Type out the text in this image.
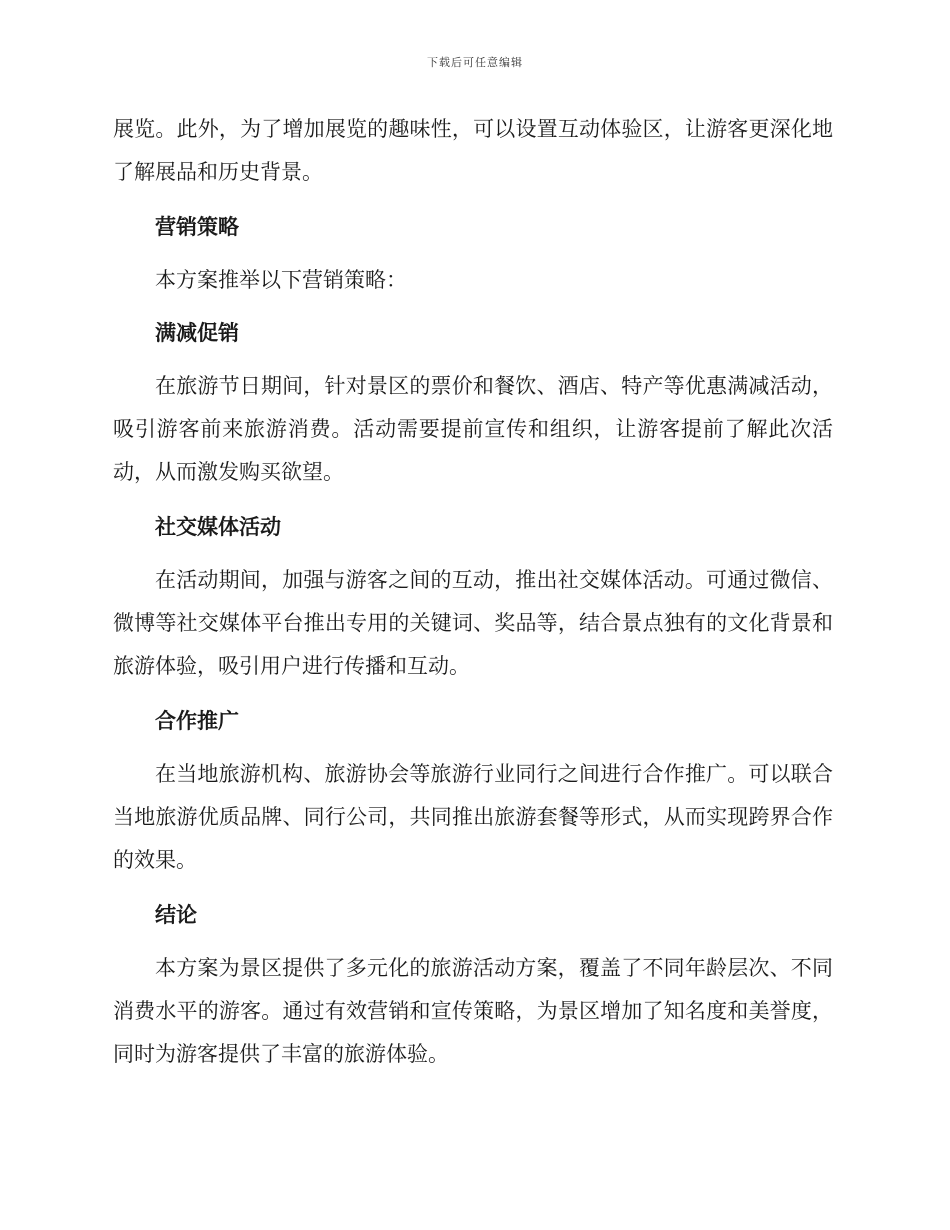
下载后可任意编辑

展览。此外，为了增加展览的趣味性，可以设置互动体验区，让游客更深化地了解展品和历史背景。

营销策略

本方案推举以下营销策略：

满减促销

在旅游节日期间，针对景区的票价和餐饮、酒店、特产等优惠满减活动，吸引游客前来旅游消费。活动需要提前宣传和组织，让游客提前了解此次活动，从而激发购买欲望。

社交媒体活动

在活动期间，加强与游客之间的互动，推出社交媒体活动。可通过微信、微博等社交媒体平台推出专用的关键词、奖品等，结合景点独有的文化背景和旅游体验，吸引用户进行传播和互动。

合作推广

在当地旅游机构、旅游协会等旅游行业同行之间进行合作推广。可以联合当地旅游优质品牌、同行公司，共同推出旅游套餐等形式，从而实现跨界合作的效果。

结论

本方案为景区提供了多元化的旅游活动方案，覆盖了不同年龄层次、不同消费水平的游客。通过有效营销和宣传策略，为景区增加了知名度和美誉度，同时为游客提供了丰富的旅游体验。
